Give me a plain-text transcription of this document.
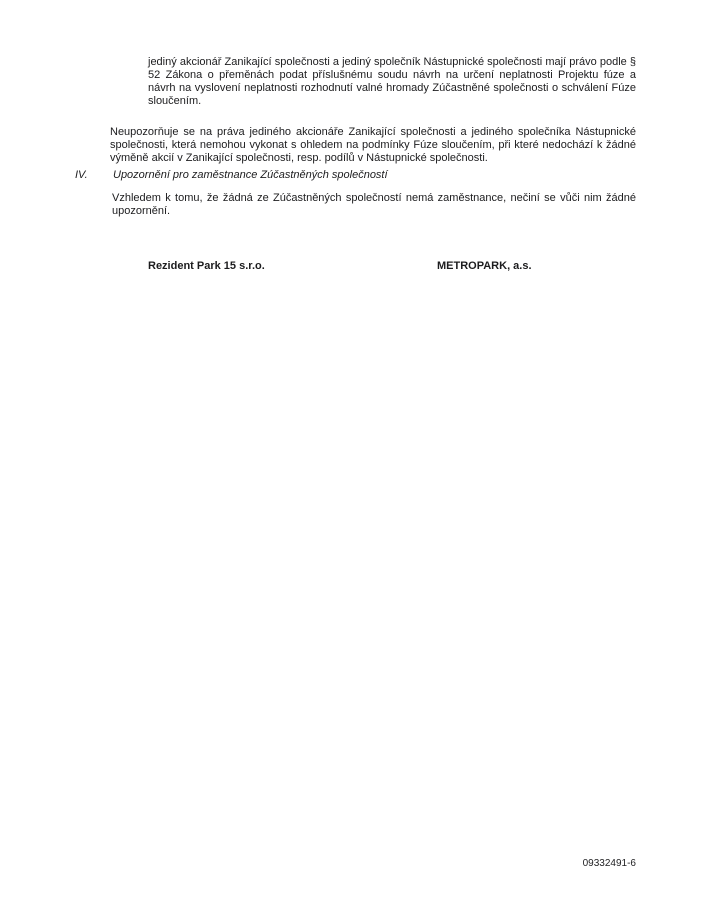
jediný akcionář Zanikající společnosti a jediný společník Nástupnické společnosti mají právo podle § 52 Zákona o přeměnách podat příslušnému soudu návrh na určení neplatnosti Projektu fúze a návrh na vyslovení neplatnosti rozhodnutí valné hromady Zúčastněné společnosti o schválení Fúze sloučením.

Neupozorňuje se na práva jediného akcionáře Zanikající společnosti a jediného společníka Nástupnické společnosti, která nemohou vykonat s ohledem na podmínky Fúze sloučením, při které nedochází k žádné výměně akcií v Zanikající společnosti, resp. podílů v Nástupnické společnosti.

IV. Upozornění pro zaměstnance Zúčastněných společností

Vzhledem k tomu, že žádná ze Zúčastněných společností nemá zaměstnance, nečiní se vůči nim žádné upozornění.

Rezident Park 15 s.r.o.	METROPARK, a.s.
09332491-6
